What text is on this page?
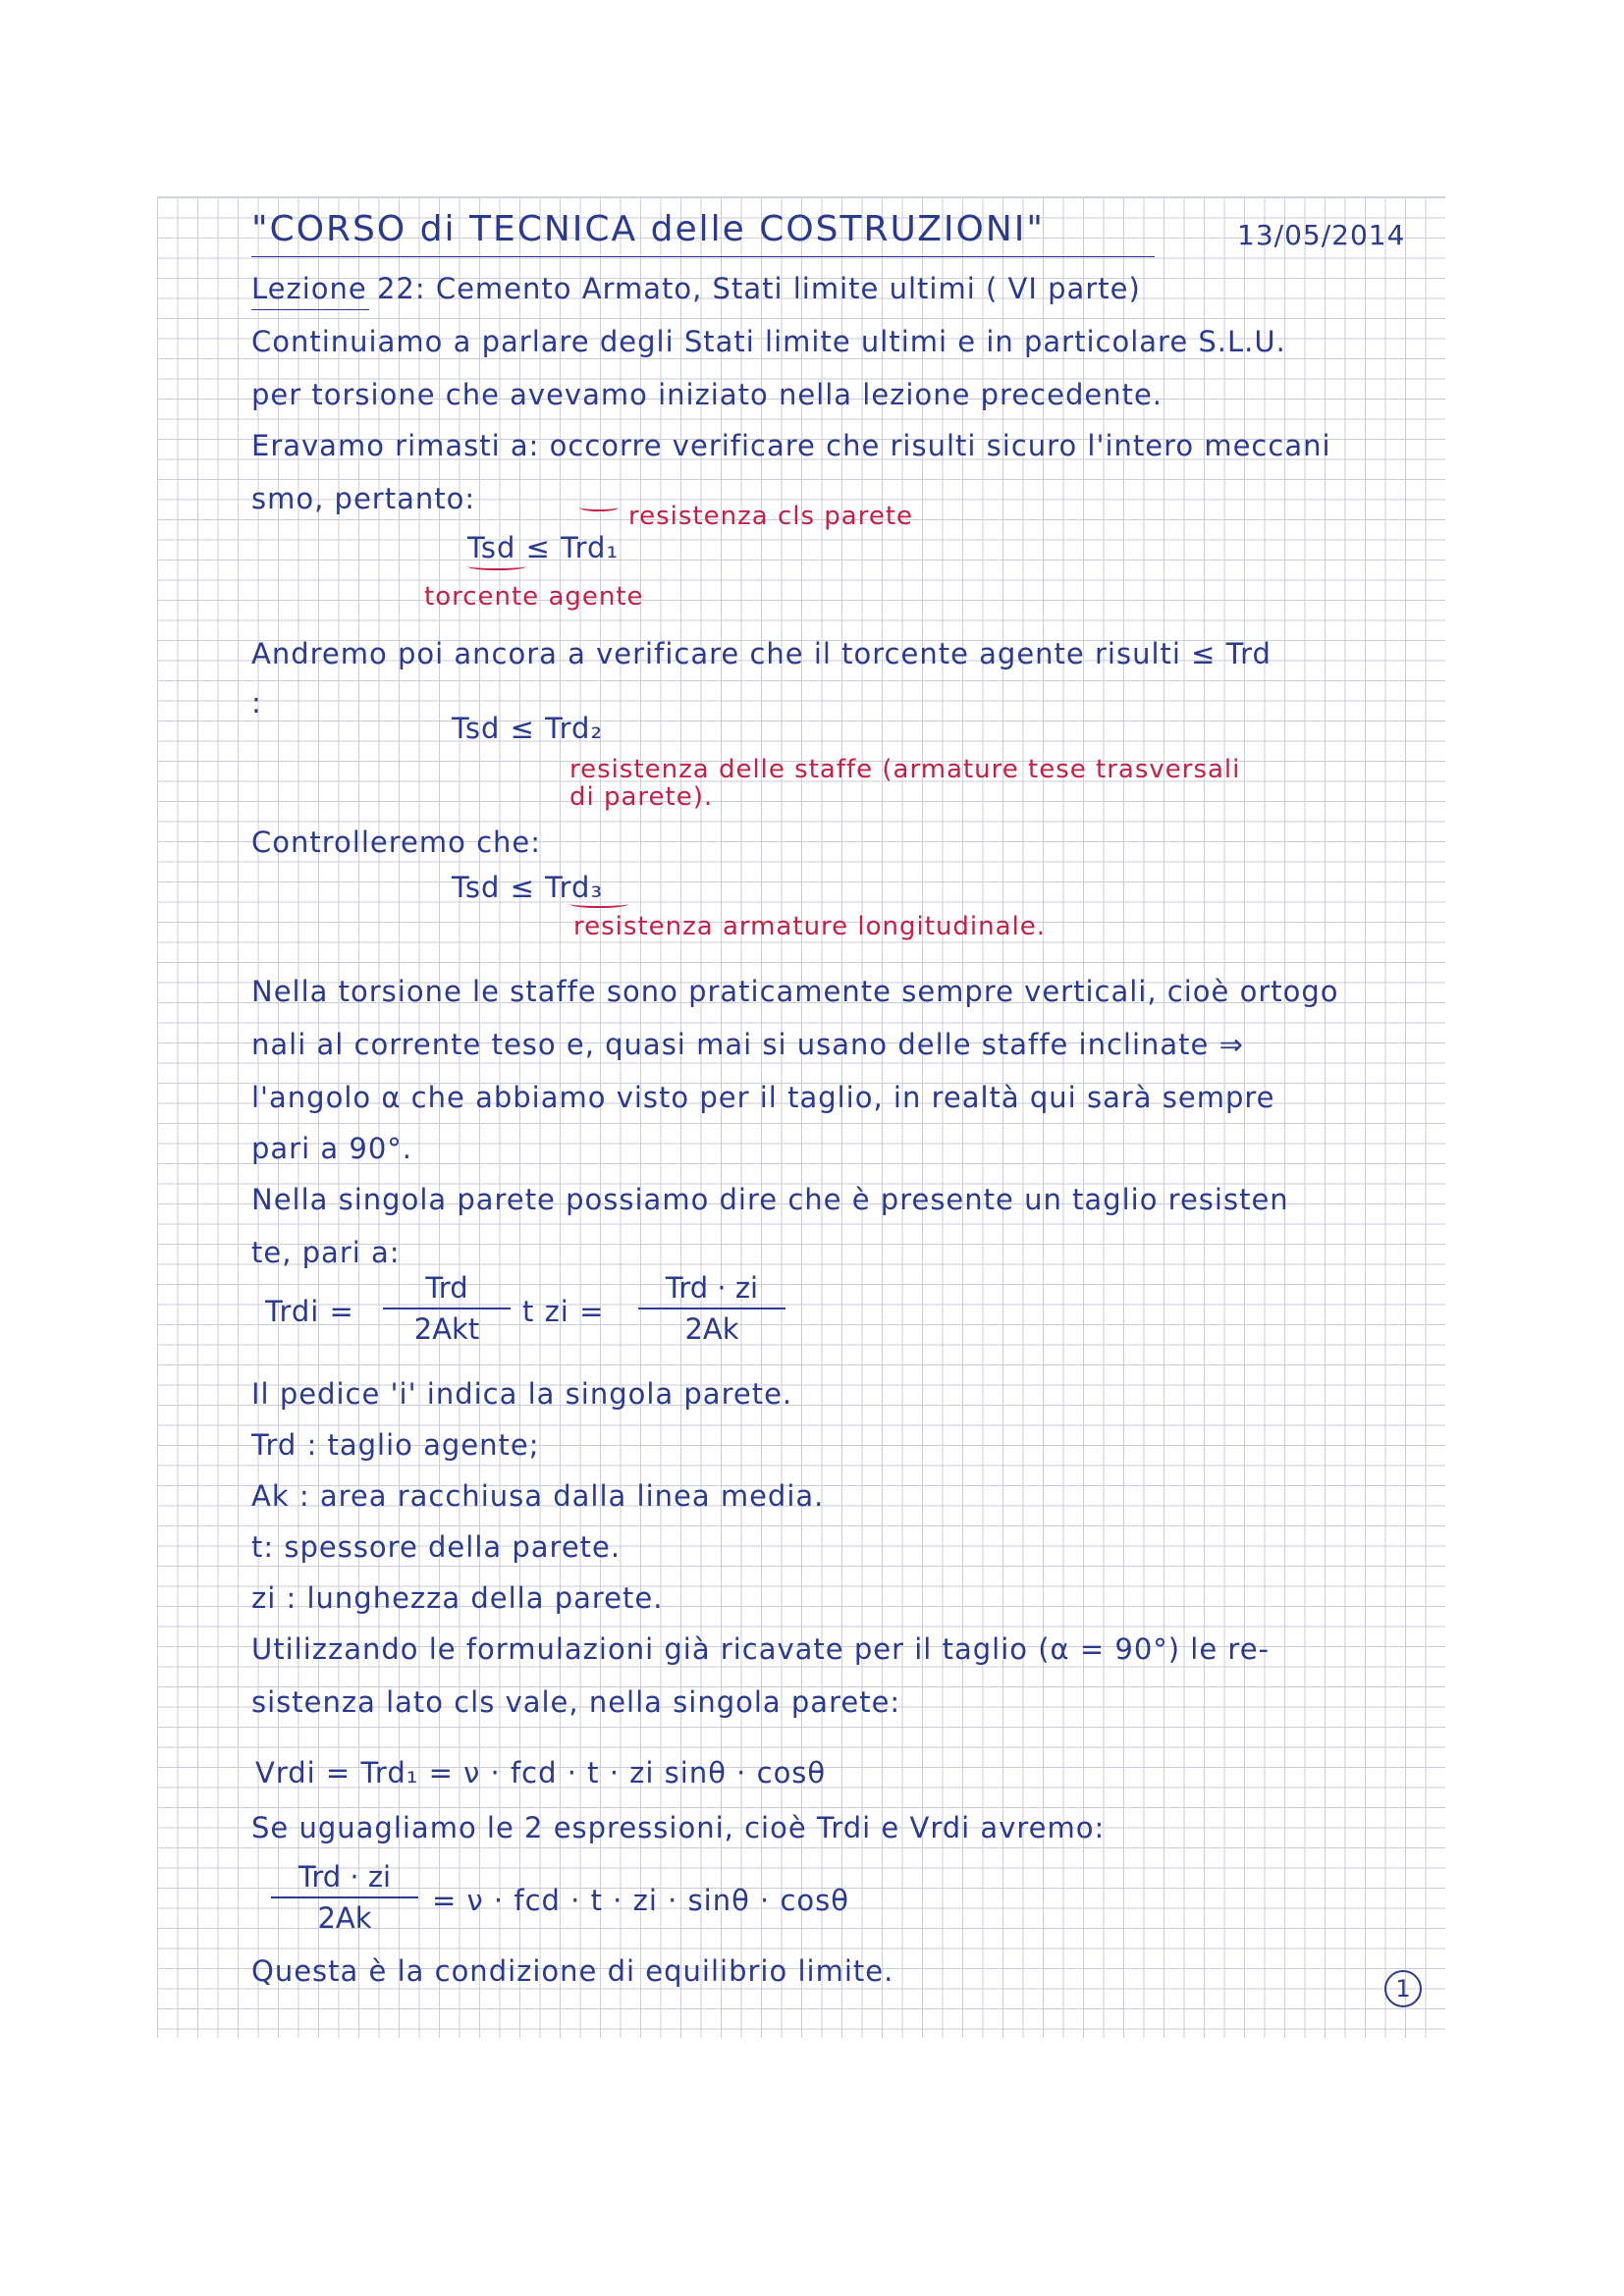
"CORSO di TECNICA delle COSTRUZIONI"	13/05/2014
Lezione 22: Cemento Armato, Stati limite ultimi ( VI parte)
Continuiamo a parlare degli Stati limite ultimi e in particolare S.L.U.
per torsione che avevamo iniziato nella lezione precedente.
Eravamo rimasti a: occorre verificare che risulti sicuro l'intero meccani
smo, pertanto:
Tsd ≤ Trd₁
resistenza cls parete
torcente agente
Andremo poi ancora a verificare che il torcente agente risulti ≤ Trd
:
Tsd ≤ Trd₂
resistenza delle staffe (armature tese trasversali
di parete).
Controlleremo che:
Tsd ≤ Trd₃
resistenza armature longitudinale.
Nella torsione le staffe sono praticamente sempre verticali, cioè ortogo
nali al corrente teso e, quasi mai si usano delle staffe inclinate ⇒
l'angolo α che abbiamo visto per il taglio, in realtà qui sarà sempre
pari a 90°.
Nella singola parete possiamo dire che è presente un taglio resisten
te, pari a:
Trdi =
Trd
2Akt
t zi =
Trd · zi
2Ak
Il pedice 'i' indica la singola parete.
Trd : taglio agente;
Ak : area racchiusa dalla linea media.
t: spessore della parete.
zi : lunghezza della parete.
Utilizzando le formulazioni già ricavate per il taglio (α = 90°) le re-
sistenza lato cls vale, nella singola parete:
Vrdi = Trd₁ = ν · fcd · t · zi sinθ · cosθ
Se uguagliamo le 2 espressioni, cioè Trdi e Vrdi avremo:
Trd · zi
2Ak
= ν · fcd · t · zi · sinθ · cosθ
Questa è la condizione di equilibrio limite.
1
